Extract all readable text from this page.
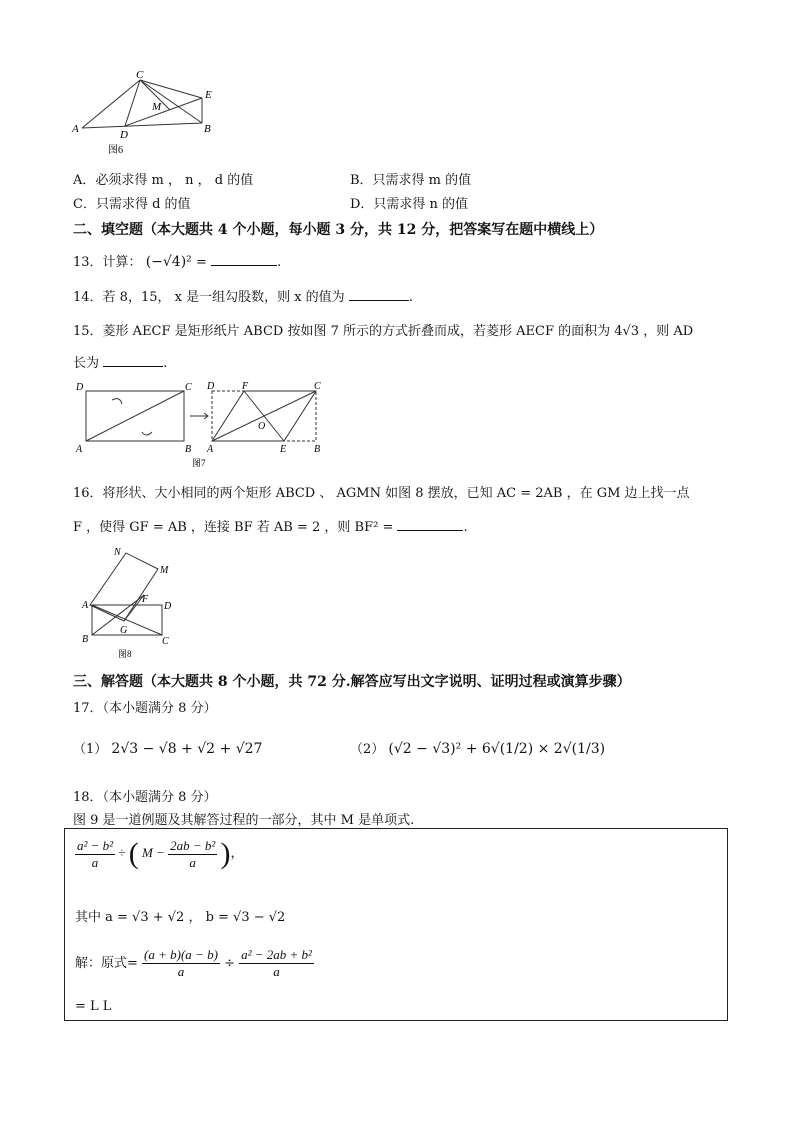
C
E
M
A	D	B
图6
A．必须求得 m ， n ， d 的值	B．只需求得 m 的值
C．只需求得 d 的值	D．只需求得 n 的值
二、填空题（本大题共 4 个小题，每小题 3 分，共 12 分，把答案写在题中横线上）
13．计算： (−√4)² =	.
14．若 8，15， x 是一组勾股数，则 x 的值为	.
15．菱形 AECF 是矩形纸片 ABCD 按如图 7 所示的方式折叠而成，若菱形 AECF 的面积为 4√3 ，则 AD
长为	.
D	C
A	B
D	F	C
O
A	E	B
图7
16．将形状、大小相同的两个矩形 ABCD 、 AGMN 如图 8 摆放，已知 AC = 2AB ，在 GM 边上找一点
F ，使得 GF = AB ，连接 BF 若 AB = 2 ，则 BF² =	.
N
M
A
F
D
G
B	C
图8
三、解答题（本大题共 8 个小题，共 72 分.解答应写出文字说明、证明过程或演算步骤）
17．（本小题满分 8 分）
（1） 2√3 − √8 + √2 + √27	（2） (√2 − √3)² + 6√(1/2) × 2√(1/3)
18．（本小题满分 8 分）
图 9 是一道例题及其解答过程的一部分，其中 M 是单项式.
$\frac{\text{a² − b²}}{a}$ ÷ ( $M - \frac{\text{2ab − b²}}{a}$ )，
其中 a = √3 + √2 ， b = √3 − √2
解：原式= $\frac{(a + b)(a - b)}{a} \div \frac{\text{a² − 2ab + b²}}{a}$
= L L
